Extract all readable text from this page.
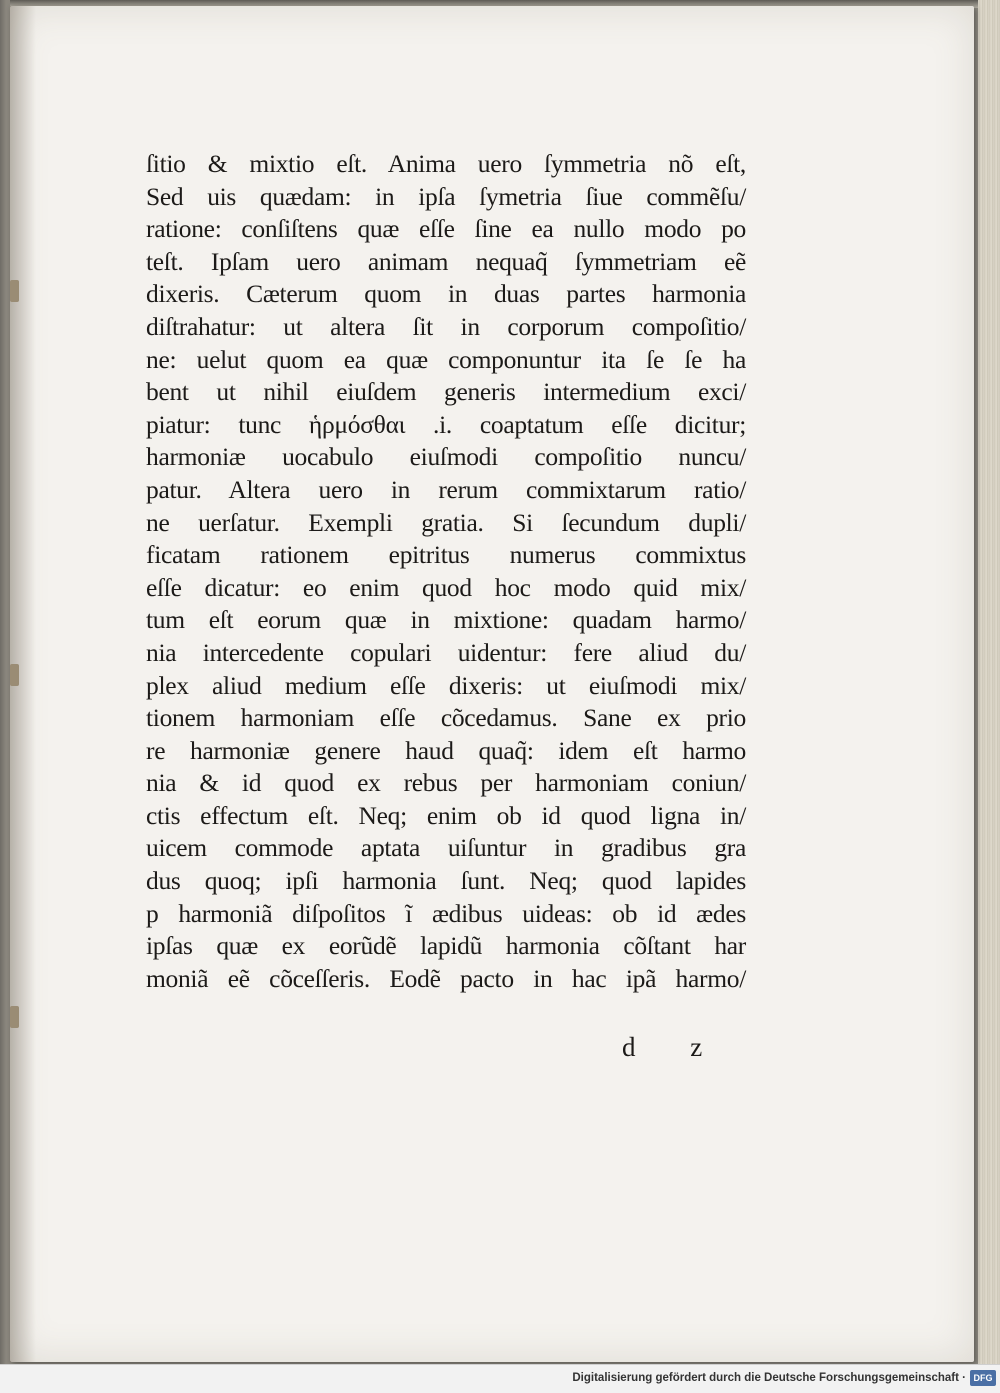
ſitio & mixtio eſt. Anima uero ſymmetria nõ eſt,
Sed uis quædam: in ipſa ſymetria ſiue commẽſu/
ratione: conſiſtens quæ eſſe ſine ea nullo modo po
teſt. Ipſam uero animam nequaq̃ ſymmetriam eẽ
dixeris. Cæterum quom in duas partes harmonia
diſtrahatur: ut altera ſit in corporum compoſitio/
ne: uelut quom ea quæ componuntur ita ſe ſe ha
bent ut nihil eiuſdem generis intermedium exci/
piatur: tunc ἡρμόσθαι .i. coaptatum eſſe dicitur;
harmoniæ uocabulo eiuſmodi compoſitio nuncu/
patur. Altera uero in rerum commixtarum ratio/
ne uerſatur. Exempli gratia. Si ſecundum dupli/
ficatam rationem epitritus numerus commixtus
eſſe dicatur: eo enim quod hoc modo quid mix/
tum eſt eorum quæ in mixtione: quadam harmo/
nia intercedente copulari uidentur: fere aliud du/
plex aliud medium eſſe dixeris: ut eiuſmodi mix/
tionem harmoniam eſſe cõcedamus. Sane ex prio
re harmoniæ genere haud quaq̃: idem eſt harmo
nia & id quod ex rebus per harmoniam coniun/
ctis effectum eſt. Neq; enim ob id quod ligna in/
uicem commode aptata uiſuntur in gradibus gra
dus quoq; ipſi harmonia ſunt. Neq; quod lapides
p harmoniã diſpoſitos ĩ ædibus uideas: ob id ædes
ipſas quæ ex eorũdẽ lapidũ harmonia cõſtant har
moniã eẽ cõceſſeris. Eodẽ pacto in hac ipã harmo/
d z
Digitalisierung gefördert durch die Deutsche Forschungsgemeinschaft · DFG
